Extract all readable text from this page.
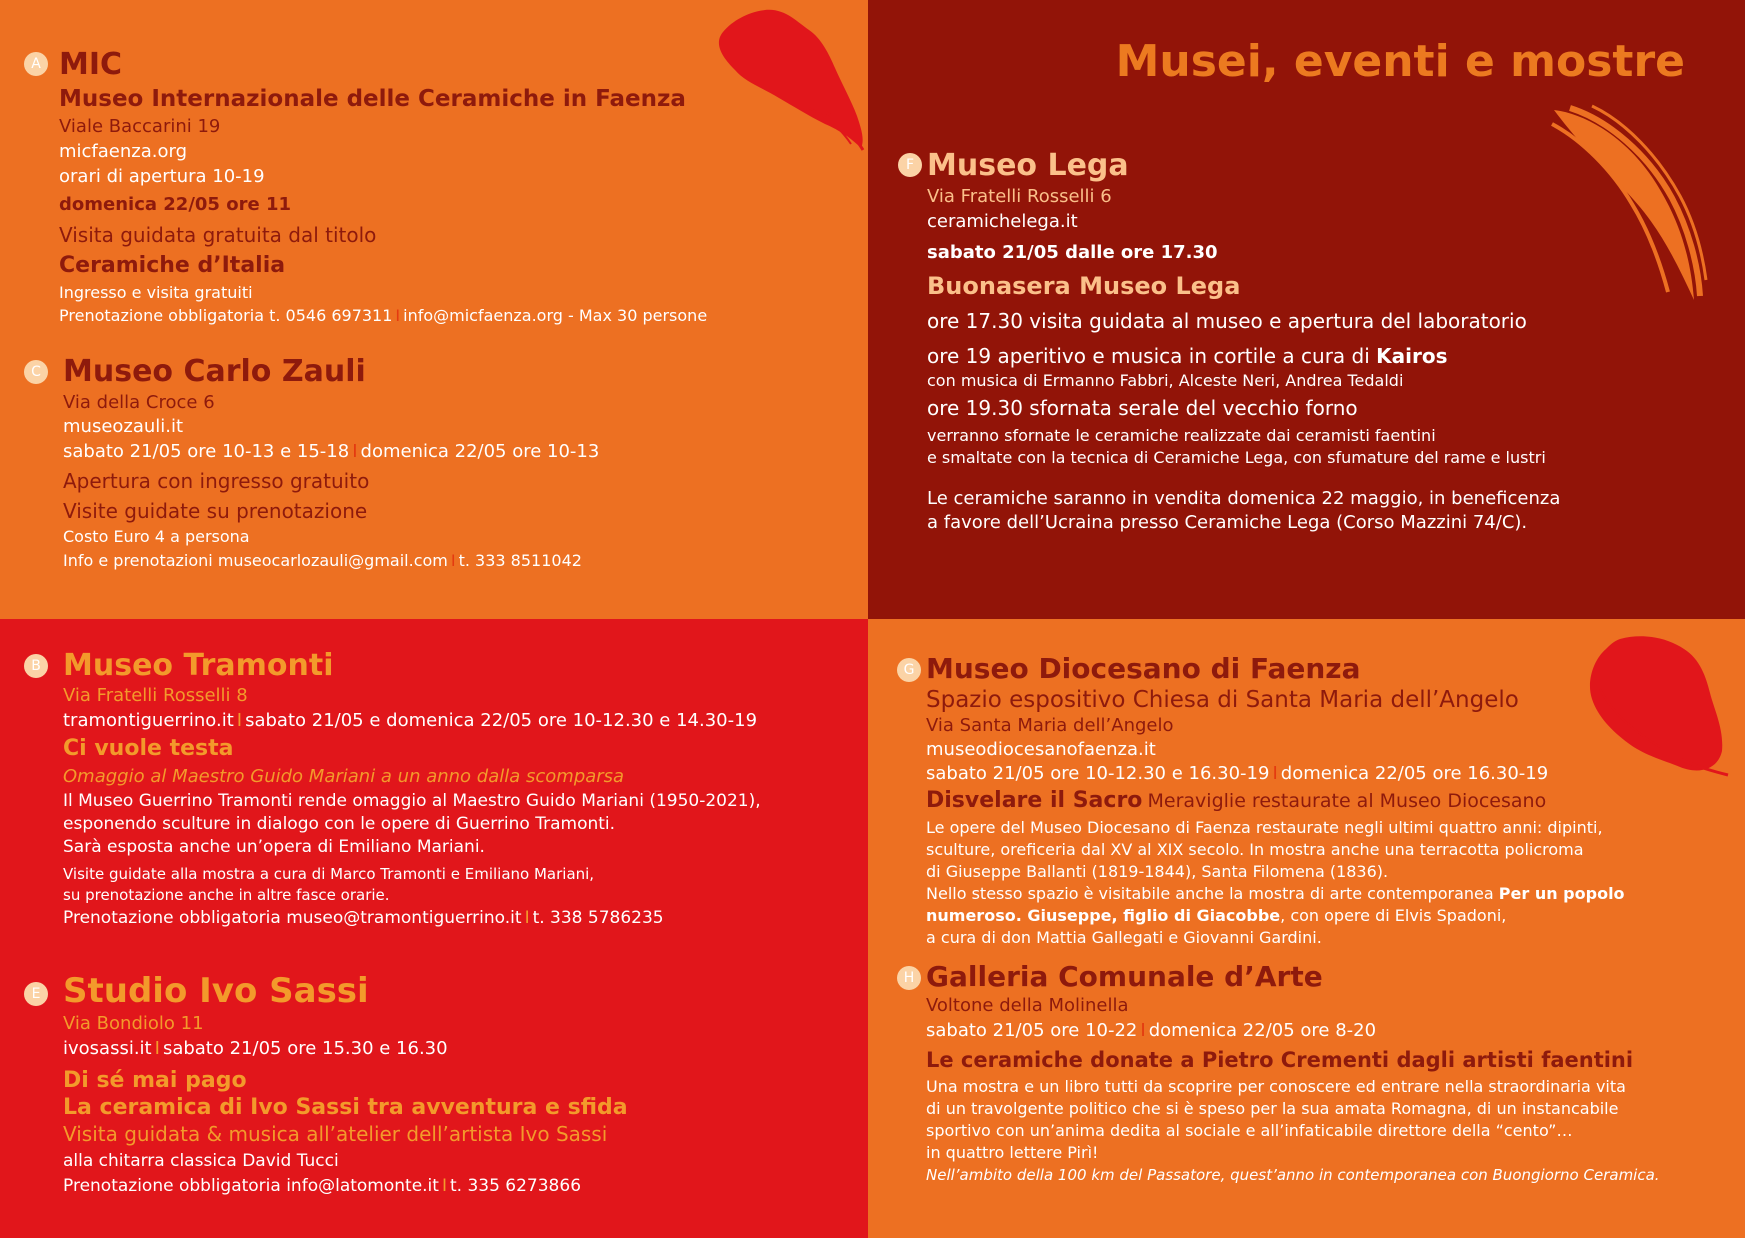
A MIC
Museo Internazionale delle Ceramiche in Faenza
Viale Baccarini 19
micfaenza.org
orari di apertura 10-19
domenica 22/05 ore 11
Visita guidata gratuita dal titolo
Ceramiche d’Italia
Ingresso e visita gratuiti
Prenotazione obbligatoria t. 0546 697311 I info@micfaenza.org - Max 30 persone
C Museo Carlo Zauli
Via della Croce 6
museozauli.it
sabato 21/05 ore 10-13 e 15-18 I domenica 22/05 ore 10-13
Apertura con ingresso gratuito
Visite guidate su prenotazione
Costo Euro 4 a persona
Info e prenotazioni museocarlozauli@gmail.com I t. 333 8511042
Musei, eventi e mostre
F Museo Lega
Via Fratelli Rosselli 6
ceramichelega.it
sabato 21/05 dalle ore 17.30
Buonasera Museo Lega
ore 17.30 visita guidata al museo e apertura del laboratorio
ore 19 aperitivo e musica in cortile a cura di Kairos
con musica di Ermanno Fabbri, Alceste Neri, Andrea Tedaldi
ore 19.30 sfornata serale del vecchio forno
verranno sfornate le ceramiche realizzate dai ceramisti faentini
e smaltate con la tecnica di Ceramiche Lega, con sfumature del rame e lustri
Le ceramiche saranno in vendita domenica 22 maggio, in beneficenza
a favore dell’Ucraina presso Ceramiche Lega (Corso Mazzini 74/C).
B Museo Tramonti
Via Fratelli Rosselli 8
tramontiguerrino.it I sabato 21/05 e domenica 22/05 ore 10-12.30 e 14.30-19
Ci vuole testa
Omaggio al Maestro Guido Mariani a un anno dalla scomparsa
Il Museo Guerrino Tramonti rende omaggio al Maestro Guido Mariani (1950-2021),
esponendo sculture in dialogo con le opere di Guerrino Tramonti.
Sarà esposta anche un’opera di Emiliano Mariani.
Visite guidate alla mostra a cura di Marco Tramonti e Emiliano Mariani,
su prenotazione anche in altre fasce orarie.
Prenotazione obbligatoria museo@tramontiguerrino.it I t. 338 5786235
E Studio Ivo Sassi
Via Bondiolo 11
ivosassi.it I sabato 21/05 ore 15.30 e 16.30
Di sé mai pago
La ceramica di Ivo Sassi tra avventura e sfida
Visita guidata & musica all’atelier dell’artista Ivo Sassi
alla chitarra classica David Tucci
Prenotazione obbligatoria info@latomonte.it I t. 335 6273866
G Museo Diocesano di Faenza
Spazio espositivo Chiesa di Santa Maria dell’Angelo
Via Santa Maria dell’Angelo
museodiocesanofaenza.it
sabato 21/05 ore 10-12.30 e 16.30-19 I domenica 22/05 ore 16.30-19
Disvelare il Sacro Meraviglie restaurate al Museo Diocesano
Le opere del Museo Diocesano di Faenza restaurate negli ultimi quattro anni: dipinti,
sculture, oreficeria dal XV al XIX secolo. In mostra anche una terracotta policroma
di Giuseppe Ballanti (1819-1844), Santa Filomena (1836).
Nello stesso spazio è visitabile anche la mostra di arte contemporanea Per un popolo
numeroso. Giuseppe, figlio di Giacobbe, con opere di Elvis Spadoni,
a cura di don Mattia Gallegati e Giovanni Gardini.
H Galleria Comunale d’Arte
Voltone della Molinella
sabato 21/05 ore 10-22 I domenica 22/05 ore 8-20
Le ceramiche donate a Pietro Crementi dagli artisti faentini
Una mostra e un libro tutti da scoprire per conoscere ed entrare nella straordinaria vita
di un travolgente politico che si è speso per la sua amata Romagna, di un instancabile
sportivo con un’anima dedita al sociale e all’infaticabile direttore della “cento”…
in quattro lettere Pirì!
Nell’ambito della 100 km del Passatore, quest’anno in contemporanea con Buongiorno Ceramica.
